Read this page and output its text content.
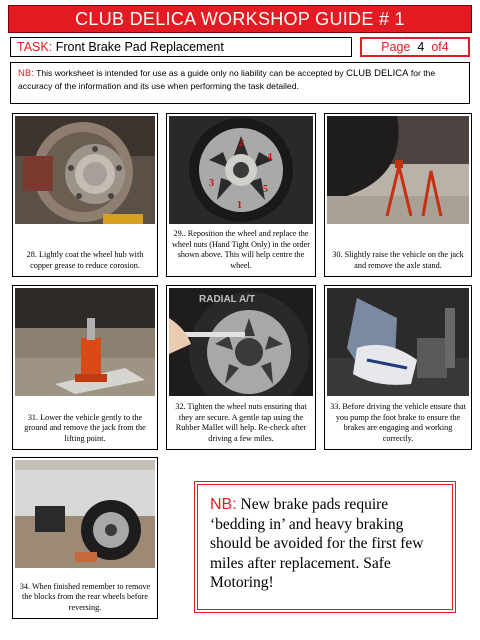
CLUB DELICA WORKSHOP GUIDE # 1
TASK: Front Brake Pad Replacement	Page 4 of4
NB: This worksheet is intended for use as a guide only no liability can be accepted by CLUB DELICA for the accuracy of the information and its use when performing the task detailed.
28. Lightly coat the wheel hub with copper grease to reduce corosion.
1
2
3
4
5
29.. Reposition the wheel and replace the wheel nuts (Hand Tight Only) in the order shown above. This will help centre the wheel.
30. Slightly raise the vehicle on the jack and remove the axle stand.
31. Lower the vehicle gently to the ground and remove the jack from the lifting point.
RADIAL A/T
32. Tighten the wheel nuts ensuring that they are secure. A gentle tap using the Rubber Mallet will help. Re-check after driving a few miles.
33. Before driving the vehicle ensure that you pump the foot brake to ensure the brakes are engaging and working correctly.
34. When finished remember to remove the blocks from the rear wheels before reversing.
NB: New brake pads require ‘bedding in’ and heavy braking should be avoided for the first few miles after replacement. Safe Motoring!
